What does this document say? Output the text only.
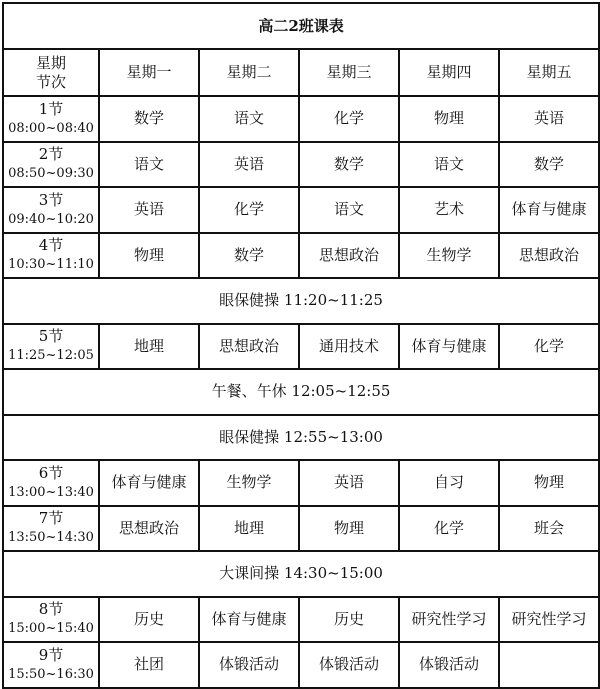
高二2班课表					

星期
节次	星期一	星期二	星期三	星期四	星期五

1节
08:00~08:40	数学	语文	化学	物理	英语

2节
08:50~09:30	语文	英语	数学	语文	数学

3节
09:40~10:20	英语	化学	语文	艺术	体育与健康

4节
10:30~11:10	物理	数学	思想政治	生物学	思想政治
眼保健操 11:20~11:25					

5节
11:25~12:05	地理	思想政治	通用技术	体育与健康	化学
午餐、午休 12:05~12:55					
眼保健操 12:55~13:00					

6节
13:00~13:40	体育与健康	生物学	英语	自习	物理

7节
13:50~14:30	思想政治	地理	物理	化学	班会
大课间操 14:30~15:00					

8节
15:00~15:40	历史	体育与健康	历史	研究性学习	研究性学习

9节
15:50~16:30	社团	体锻活动	体锻活动	体锻活动	
